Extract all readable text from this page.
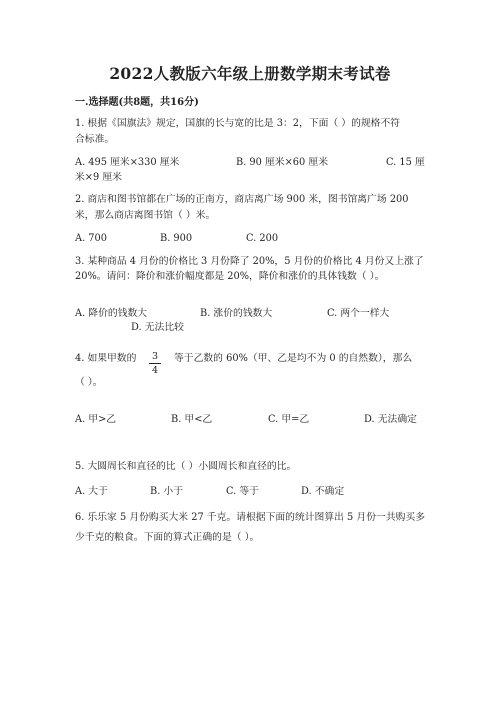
2022人教版六年级上册数学期末考试卷
一.选择题(共8题，共16分)
1. 根据《国旗法》规定，国旗的长与宽的比是 3：2，下面（ ）的规格不符
合标准。
A. 495 厘米×330 厘米	B. 90 厘米×60 厘米	C. 15 厘
米×9 厘米
2. 商店和图书馆都在广场的正南方，商店离广场 900 米，图书馆离广场 200
米，那么商店离图书馆（ ）米。
A. 700	B. 900	C. 200
3. 某种商品 4 月份的价格比 3 月份降了 20%，5 月份的价格比 4 月份又上涨了
20%。请问：降价和涨价幅度都是 20%，降价和涨价的具体钱数（ ）。
A. 降价的钱数大	B. 涨价的钱数大	C. 两个一样大
D. 无法比较
4. 如果甲数的 $\frac{3}{4}$ 等于乙数的 60%（甲、乙是均不为 0 的自然数），那么
（ ）。
A. 甲>乙	B. 甲<乙	C. 甲=乙	D. 无法确定
5. 大圆周长和直径的比（ ）小圆周长和直径的比。
A. 大于	B. 小于	C. 等于	D. 不确定
6. 乐乐家 5 月份购买大米 27 千克。请根据下面的统计图算出 5 月份一共购买多
少千克的粮食。下面的算式正确的是（ ）。
